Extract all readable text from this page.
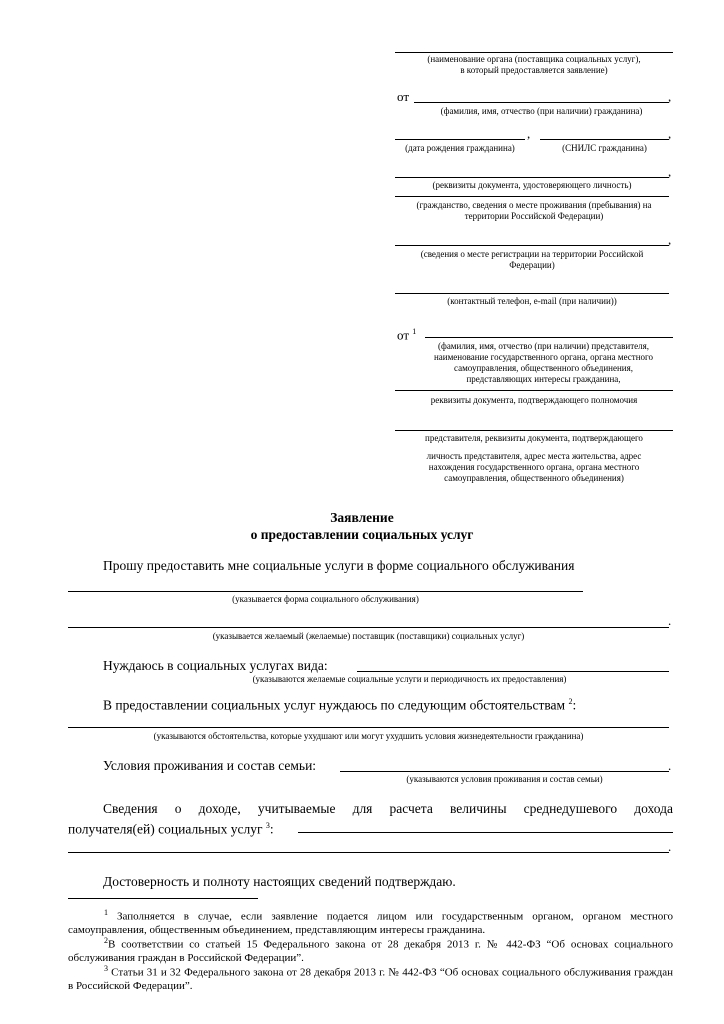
(наименование органа (поставщика социальных услуг),
в который предоставляется заявление)
от	,
(фамилия, имя, отчество (при наличии) гражданина)
,	,
(дата рождения гражданина)	(СНИЛС гражданина)
,
(реквизиты документа, удостоверяющего личность)
(гражданство, сведения о месте проживания (пребывания) на
территории Российской Федерации)
,
(сведения о месте регистрации на территории Российской
Федерации)
(контактный телефон, e-mail (при наличии))
от $^1$
(фамилия, имя, отчество (при наличии) представителя,
наименование государственного органа, органа местного
самоуправления, общественного объединения,
представляющих интересы гражданина,
реквизиты документа, подтверждающего полномочия
представителя, реквизиты документа, подтверждающего
личность представителя, адрес места жительства, адрес
нахождения государственного органа, органа местного
самоуправления, общественного объединения)
Заявление
о предоставлении социальных услуг
Прошу предоставить мне социальные услуги в форме социального обслуживания
(указывается форма социального обслуживания)
.
(указывается желаемый (желаемые) поставщик (поставщики) социальных услуг)
Нуждаюсь в социальных услугах вида:
(указываются желаемые социальные услуги и периодичность их предоставления)
В предоставлении социальных услуг нуждаюсь по следующим обстоятельствам $^2$:
(указываются обстоятельства, которые ухудшают или могут ухудшить условия жизнедеятельности гражданина)
Условия проживания и состав семьи:	.
(указываются условия проживания и состав семьи)
Сведения о доходе, учитываемые для расчета величины среднедушевого дохода
получателя(ей) социальных услуг $^3$:
.
Достоверность и полноту настоящих сведений подтверждаю.
$^1$ Заполняется в случае, если заявление подается лицом или государственным органом, органом местного самоуправления, общественным объединением, представляющим интересы гражданина.
$^2$В соответствии со статьей 15 Федерального закона от 28 декабря 2013 г. № 442-ФЗ “Об основах социального обслуживания граждан в Российской Федерации”.
$^3$ Статьи 31 и 32 Федерального закона от 28 декабря 2013 г. № 442-ФЗ “Об основах социального обслуживания граждан в Российской Федерации”.
